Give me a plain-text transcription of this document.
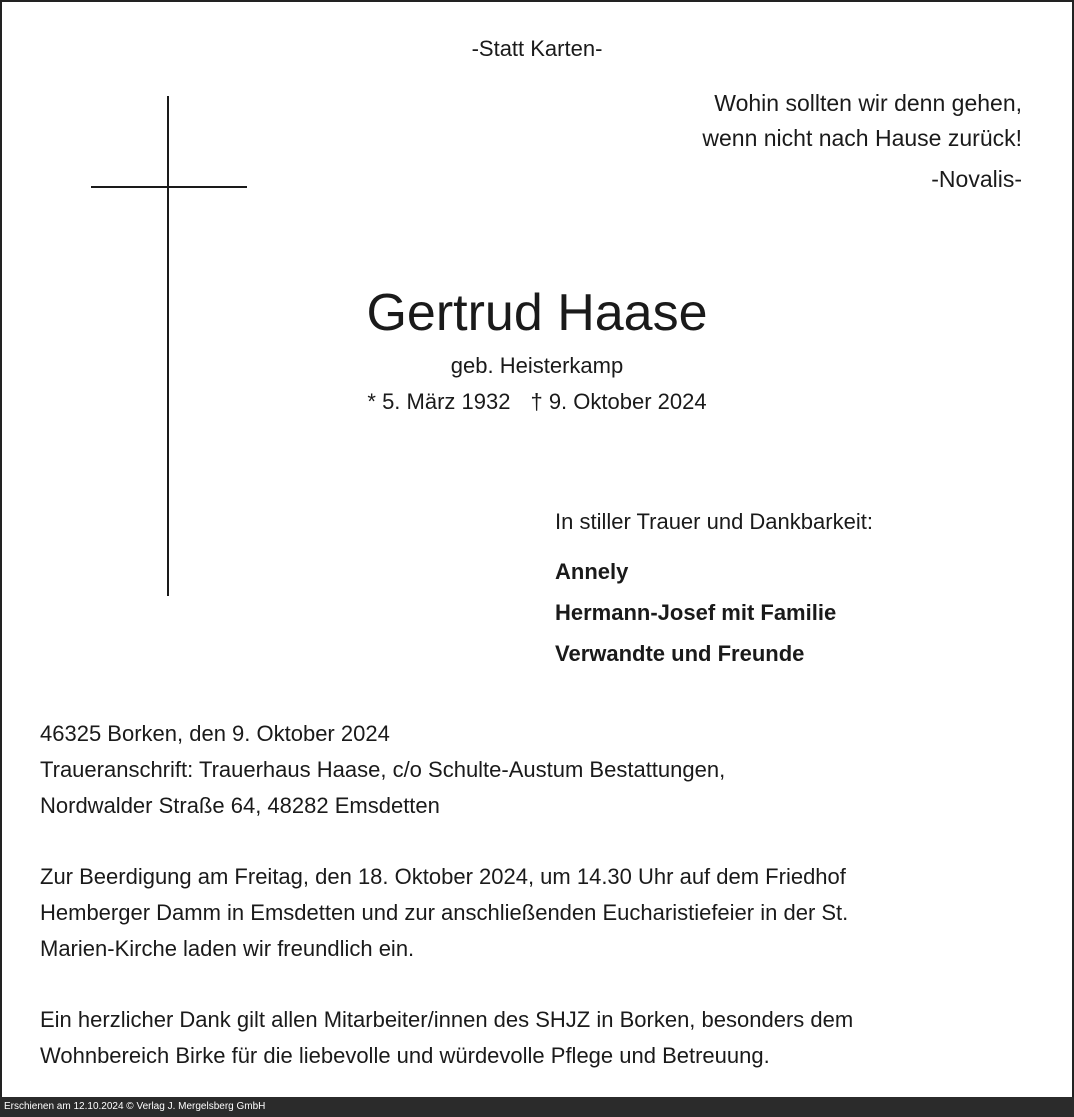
-Statt Karten-
Wohin sollten wir denn gehen,
wenn nicht nach Hause zurück!
-Novalis-
Gertrud Haase
geb. Heisterkamp
* 5. März 1932 † 9. Oktober 2024
In stiller Trauer und Dankbarkeit:
Annely
Hermann-Josef mit Familie
Verwandte und Freunde

46325 Borken, den 9. Oktober 2024
Traueranschrift: Trauerhaus Haase, c/o Schulte-Austum Bestattungen,
Nordwalder Straße 64, 48282 Emsdetten

Zur Beerdigung am Freitag, den 18. Oktober 2024, um 14.30 Uhr auf dem Friedhof
Hemberger Damm in Emsdetten und zur anschließenden Eucharistiefeier in der St.
Marien-Kirche laden wir freundlich ein.

Ein herzlicher Dank gilt allen Mitarbeiter/innen des SHJZ in Borken, besonders dem
Wohnbereich Birke für die liebevolle und würdevolle Pflege und Betreuung.

Erschienen am 12.10.2024 © Verlag J. Mergelsberg GmbH
